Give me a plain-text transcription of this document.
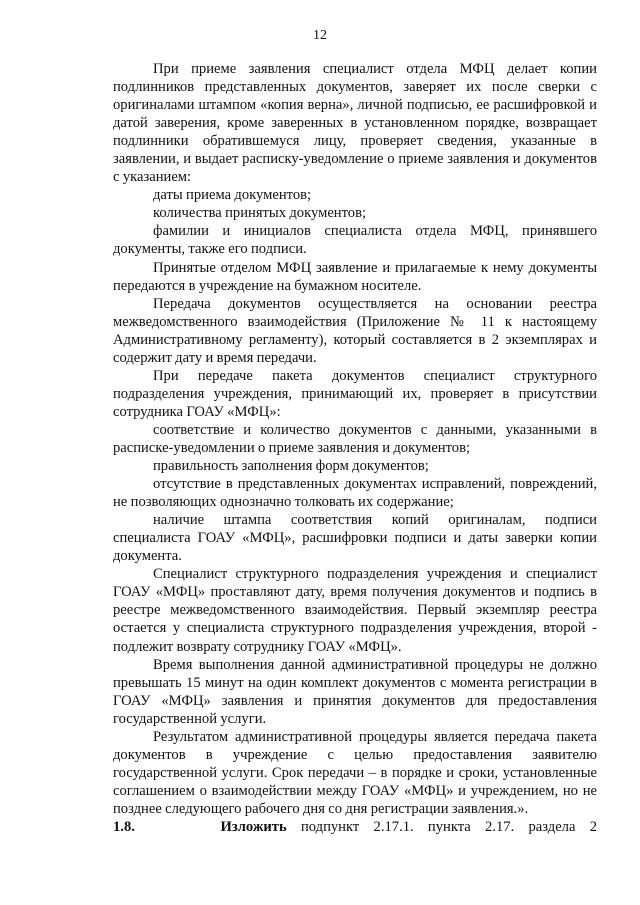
12

При приеме заявления специалист отдела МФЦ делает копии подлинников представленных документов, заверяет их после сверки с оригиналами штампом «копия верна», личной подписью, ее расшифровкой и датой заверения, кроме заверенных в установленном порядке, возвращает подлинники обратившемуся лицу, проверяет сведения, указанные в заявлении, и выдает расписку-уведомление о приеме заявления и документов с указанием:

даты приема документов;

количества принятых документов;

фамилии и инициалов специалиста отдела МФЦ, принявшего документы, также его подписи.

Принятые отделом МФЦ заявление и прилагаемые к нему документы передаются в учреждение на бумажном носителе.

Передача документов осуществляется на основании реестра межведомственного взаимодействия (Приложение № 11 к настоящему Административному регламенту), который составляется в 2 экземплярах и содержит дату и время передачи.

При передаче пакета документов специалист структурного подразделения учреждения, принимающий их, проверяет в присутствии сотрудника ГОАУ «МФЦ»:

соответствие и количество документов с данными, указанными в расписке-уведомлении о приеме заявления и документов;

правильность заполнения форм документов;

отсутствие в представленных документах исправлений, повреждений, не позволяющих однозначно толковать их содержание;

наличие штампа соответствия копий оригиналам, подписи специалиста ГОАУ «МФЦ», расшифровки подписи и даты заверки копии документа.

Специалист структурного подразделения учреждения и специалист ГОАУ «МФЦ» проставляют дату, время получения документов и подпись в реестре межведомственного взаимодействия. Первый экземпляр реестра остается у специалиста структурного подразделения учреждения, второй - подлежит возврату сотруднику ГОАУ «МФЦ».

Время выполнения данной административной процедуры не должно превышать 15 минут на один комплект документов с момента регистрации в ГОАУ «МФЦ» заявления и принятия документов для предоставления государственной услуги.

Результатом административной процедуры является передача пакета документов в учреждение с целью предоставления заявителю государственной услуги. Срок передачи – в порядке и сроки, установленные соглашением о взаимодействии между ГОАУ «МФЦ» и учреждением, но не позднее следующего рабочего дня со дня регистрации заявления.».

1.8.	Изложить подпункт 2.17.1. пункта 2.17. раздела 2
